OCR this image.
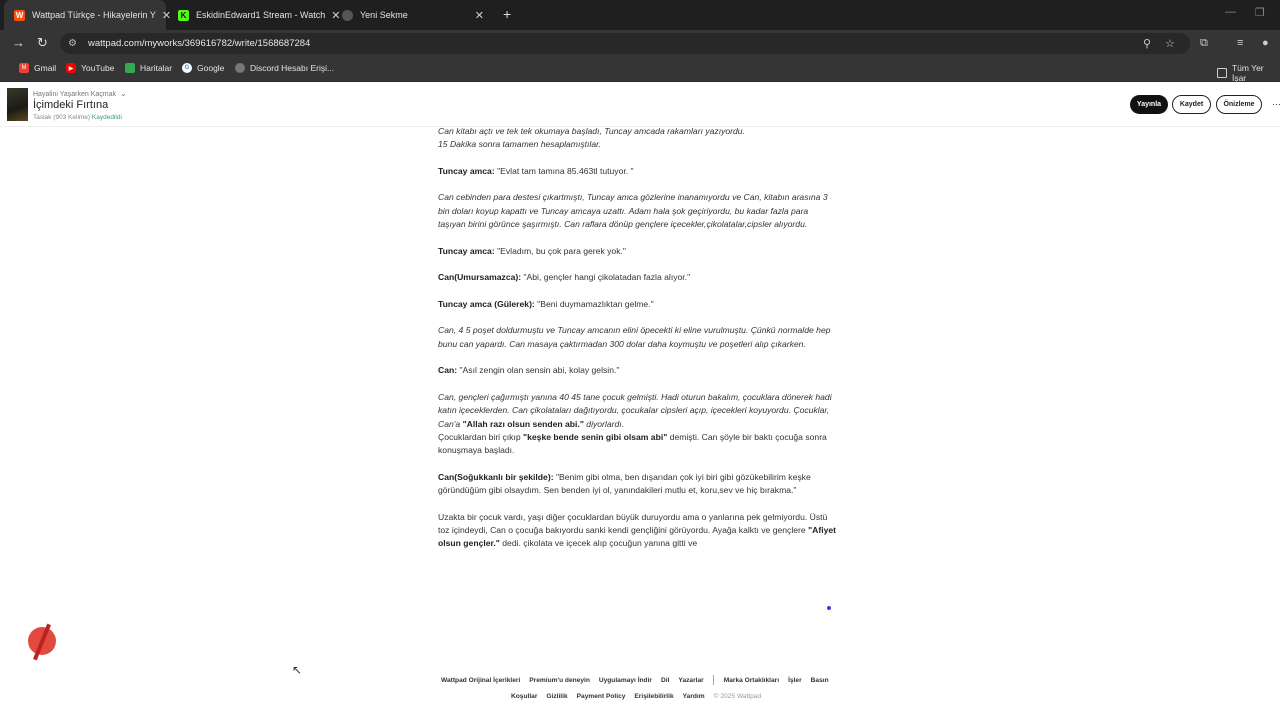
W Wattpad Türkçe - Hikayelerin Y ✕	K EskidinEdward1 Stream - Watch ✕ Yeni Sekme	✕ +	— ❐
→ ↻ ⚙	wattpad.com/myworks/369616782/write/1568687284	⚲ ☆ ⧉	≡ ●
M Gmail	▶ YouTube	Haritalar	G Google	Discord Hesabı Erişi...	Tüm Yer İşar
Hayalini Yaşarken Kaçmak ⌄
İçimdeki Fırtına
Taslak (903 Kelime) Kaydedildi
Yayınla	Kaydet	Önizleme	···

Can kitabı açtı ve tek tek okumaya başladı, Tuncay amcada rakamları yazıyordu.
15 Dakika sonra tamamen hesaplamıştılar.

Tuncay amca: "Evlat tam tamına 85.463tl tutuyor. "

Can cebinden para destesi çıkartmıştı, Tuncay amca gözlerine inanamıyordu ve Can, kitabın arasına 3 bin doları koyup kapattı ve Tuncay amcaya uzattı. Adam hala şok geçiriyordu, bu kadar fazla para taşıyan birini görünce şaşırmıştı. Can raflara dönüp gençlere içecekler,çikolatalar,cipsler alıyordu.

Tuncay amca: "Evladım, bu çok para gerek yok."

Can(Umursamazca): "Abi, gençler hangi çikolatadan fazla alıyor."

Tuncay amca (Gülerek): "Beni duymamazlıktan gelme."

Can, 4 5 poşet doldurmuştu ve Tuncay amcanın elini öpecekti ki eline vurulmuştu. Çünkü normalde hep bunu can yapardı. Can masaya çaktırmadan 300 dolar daha koymuştu ve poşetleri alıp çıkarken.

Can: "Asıl zengin olan sensin abi, kolay gelsin."

Can, gençleri çağırmıştı yanına 40 45 tane çocuk gelmişti. Hadi oturun bakalım, çocuklara dönerek hadi katın içeceklerden. Can çikolataları dağıtıyordu, çocukalar cipsleri açıp, içecekleri koyuyordu. Çocuklar, Can'a "Allah razı olsun senden abi." diyorlardı.
Çocuklardan biri çıkıp "keşke bende senin gibi olsam abi" demişti. Can şöyle bir baktı çocuğa sonra konuşmaya başladı.

Can(Soğukkanlı bir şekilde): "Benim gibi olma, ben dışarıdan çok iyi biri gibi gözükebilirim keşke göründüğüm gibi olsaydım. Sen benden iyi ol, yanındakileri mutlu et, koru,sev ve hiç bırakma."

Uzakta bir çocuk vardı, yaşı diğer çocuklardan büyük duruyordu ama o yanlarına pek gelmiyordu. Üstü toz içindeydi, Can o çocuğa bakıyordu sanki kendi gençliğini görüyordu. Ayağa kalktı ve gençlere "Afiyet olsun gençler." dedi. çikolata ve içecek alıp çocuğun yanına gitti ve

↖
Wattpad Orijinal İçerikleri Premium'u deneyin Uygulamayı İndir Dil Yazarlar	Marka Ortaklıkları İşler Basın
Koşullar Gizlilik Payment Policy Erişilebilirlik Yardım © 2025 Wattpad
